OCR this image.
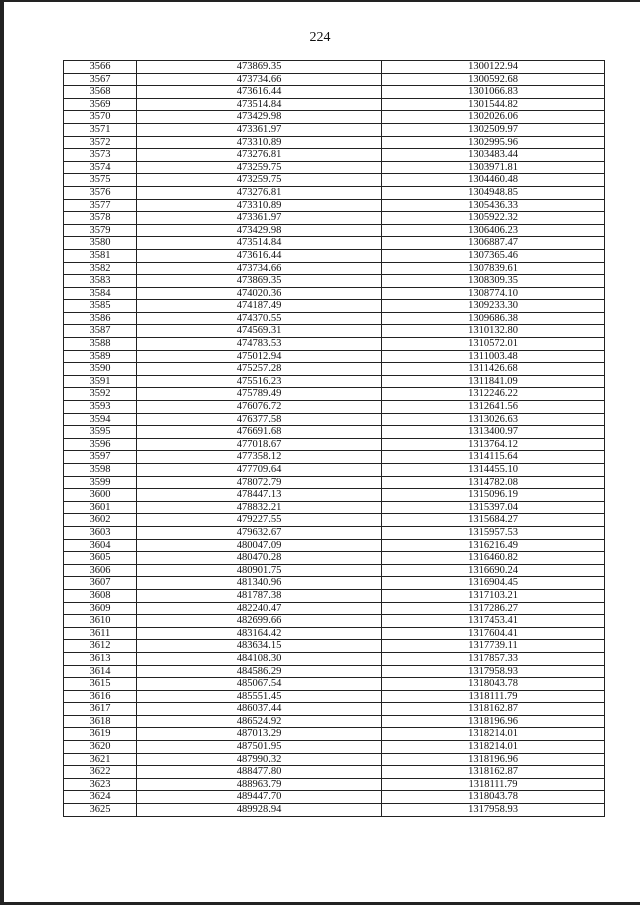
224
3566	473869.35	1300122.94
3567	473734.66	1300592.68
3568	473616.44	1301066.83
3569	473514.84	1301544.82
3570	473429.98	1302026.06
3571	473361.97	1302509.97
3572	473310.89	1302995.96
3573	473276.81	1303483.44
3574	473259.75	1303971.81
3575	473259.75	1304460.48
3576	473276.81	1304948.85
3577	473310.89	1305436.33
3578	473361.97	1305922.32
3579	473429.98	1306406.23
3580	473514.84	1306887.47
3581	473616.44	1307365.46
3582	473734.66	1307839.61
3583	473869.35	1308309.35
3584	474020.36	1308774.10
3585	474187.49	1309233.30
3586	474370.55	1309686.38
3587	474569.31	1310132.80
3588	474783.53	1310572.01
3589	475012.94	1311003.48
3590	475257.28	1311426.68
3591	475516.23	1311841.09
3592	475789.49	1312246.22
3593	476076.72	1312641.56
3594	476377.58	1313026.63
3595	476691.68	1313400.97
3596	477018.67	1313764.12
3597	477358.12	1314115.64
3598	477709.64	1314455.10
3599	478072.79	1314782.08
3600	478447.13	1315096.19
3601	478832.21	1315397.04
3602	479227.55	1315684.27
3603	479632.67	1315957.53
3604	480047.09	1316216.49
3605	480470.28	1316460.82
3606	480901.75	1316690.24
3607	481340.96	1316904.45
3608	481787.38	1317103.21
3609	482240.47	1317286.27
3610	482699.66	1317453.41
3611	483164.42	1317604.41
3612	483634.15	1317739.11
3613	484108.30	1317857.33
3614	484586.29	1317958.93
3615	485067.54	1318043.78
3616	485551.45	1318111.79
3617	486037.44	1318162.87
3618	486524.92	1318196.96
3619	487013.29	1318214.01
3620	487501.95	1318214.01
3621	487990.32	1318196.96
3622	488477.80	1318162.87
3623	488963.79	1318111.79
3624	489447.70	1318043.78
3625	489928.94	1317958.93
